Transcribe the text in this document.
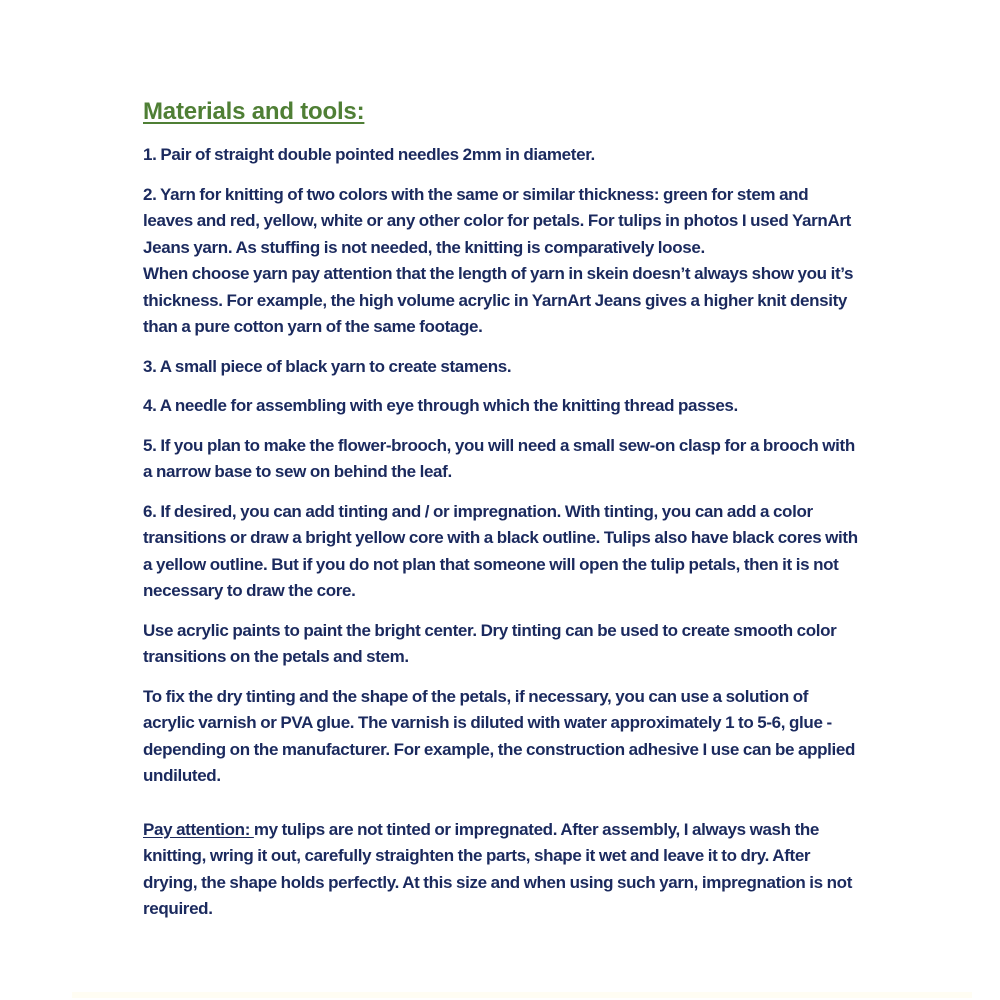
Materials and tools:
1. Pair of straight double pointed needles 2mm in diameter.
2. Yarn for knitting of two colors with the same or similar thickness: green for stem and
leaves and red, yellow, white or any other color for petals. For tulips in photos I used YarnArt
Jeans yarn. As stuffing is not needed, the knitting is comparatively loose.
When choose yarn pay attention that the length of yarn in skein doesn’t always show you it’s
thickness. For example, the high volume acrylic in YarnArt Jeans gives a higher knit density
than a pure cotton yarn of the same footage.
3. A small piece of black yarn to create stamens.
4. A needle for assembling with eye through which the knitting thread passes.
5. If you plan to make the flower-brooch, you will need a small sew-on clasp for a brooch with
a narrow base to sew on behind the leaf.
6. If desired, you can add tinting and / or impregnation. With tinting, you can add a color
transitions or draw a bright yellow core with a black outline. Tulips also have black cores with
a yellow outline. But if you do not plan that someone will open the tulip petals, then it is not
necessary to draw the core.
Use acrylic paints to paint the bright center. Dry tinting can be used to create smooth color
transitions on the petals and stem.
To fix the dry tinting and the shape of the petals, if necessary, you can use a solution of
acrylic varnish or PVA glue. The varnish is diluted with water approximately 1 to 5-6, glue -
depending on the manufacturer. For example, the construction adhesive I use can be applied
undiluted.
Pay attention: my tulips are not tinted or impregnated. After assembly, I always wash the
knitting, wring it out, carefully straighten the parts, shape it wet and leave it to dry. After
drying, the shape holds perfectly. At this size and when using such yarn, impregnation is not
required.
